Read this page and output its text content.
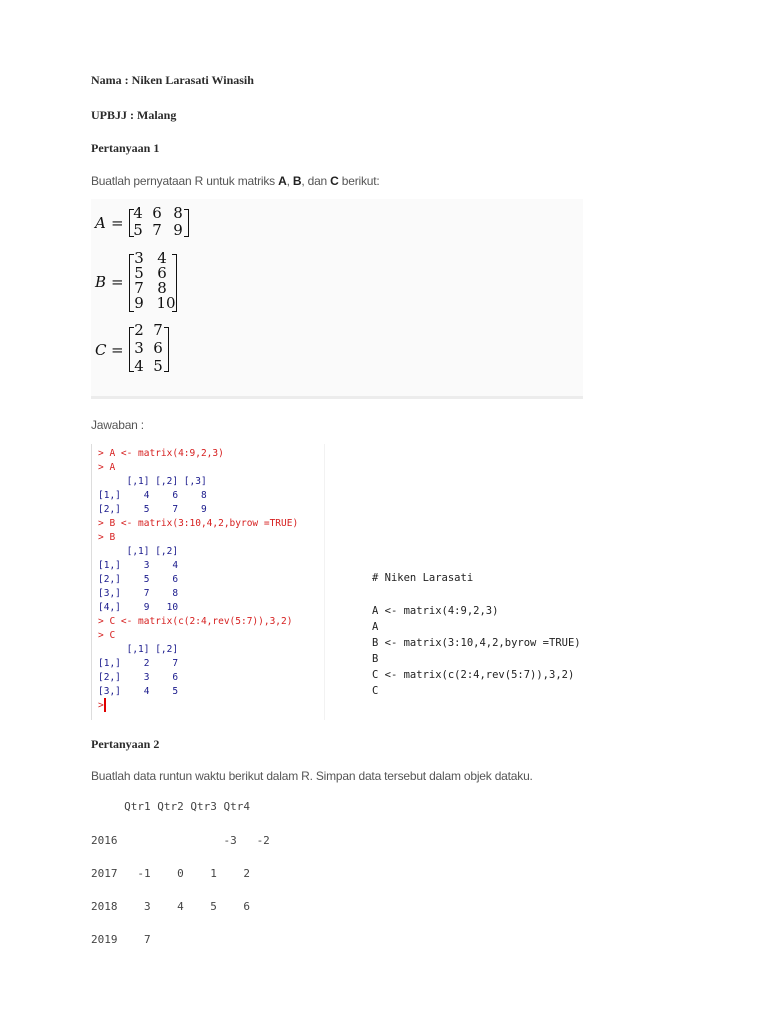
Nama : Niken Larasati Winasih
UPBJJ : Malang
Pertanyaan 1
Buatlah pernyataan R untuk matriks A, B, dan C berikut:
A =
4 6 8
5 7 9
B =
3 4
5 6
7 8
9 10
C =
2 7
3 6
4 5
Jawaban :
> A <- matrix(4:9,2,3)
> A
[,1] [,2] [,3]
[1,]    4    6    8
[2,]    5    7    9
> B <- matrix(3:10,4,2,byrow =TRUE)
> B
[,1] [,2]
[1,]    3    4
[2,]    5    6
[3,]    7    8
[4,]    9   10
> C <- matrix(c(2:4,rev(5:7)),3,2)
> C
[,1] [,2]
[1,]    2    7
[2,]    3    6
[3,]    4    5
>
# Niken Larasati
A <- matrix(4:9,2,3)
A
B <- matrix(3:10,4,2,byrow =TRUE)
B
C <- matrix(c(2:4,rev(5:7)),3,2)
C
Pertanyaan 2
Buatlah data runtun waktu berikut dalam R. Simpan data tersebut dalam objek dataku.
Qtr1 Qtr2 Qtr3 Qtr4
2016                -3   -2
2017   -1    0    1    2
2018    3    4    5    6
2019    7
